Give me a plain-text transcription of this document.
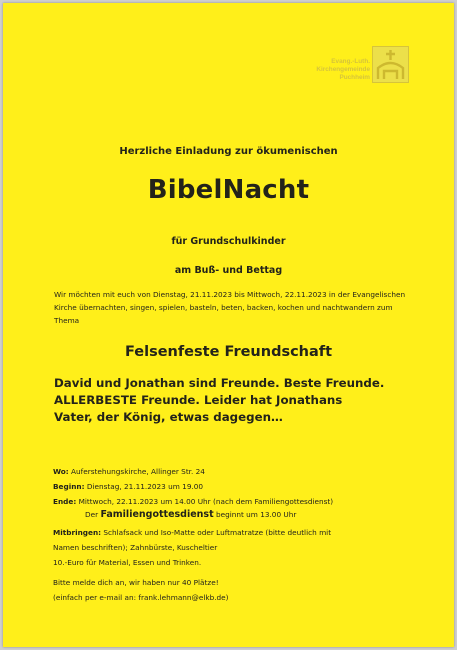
Evang.-Luth.
Kirchengemeinde
Puchheim
Herzliche Einladung zur ökumenischen
BibelNacht
für Grundschulkinder
am Buß- und Bettag
Wir möchten mit euch von Dienstag, 21.11.2023 bis Mittwoch, 22.11.2023 in der Evangelischen Kirche übernachten, singen, spielen, basteln, beten, backen, kochen und nachtwandern zum Thema
Felsenfeste Freundschaft
David und Jonathan sind Freunde. Beste Freunde.
ALLERBESTE Freunde. Leider hat Jonathans
Vater, der König, etwas dagegen…
Wo: Auferstehungskirche, Allinger Str. 24
Beginn: Dienstag, 21.11.2023 um 19.00
Ende: Mittwoch, 22.11.2023 um 14.00 Uhr (nach dem Familiengottesdienst)
Der Familiengottesdienst beginnt um 13.00 Uhr
Mitbringen: Schlafsack und Iso-Matte oder Luftmatratze (bitte deutlich mit
Namen beschriften); Zahnbürste, Kuscheltier
10.-Euro für Material, Essen und Trinken.
Bitte melde dich an, wir haben nur 40 Plätze!
(einfach per e-mail an: frank.lehmann@elkb.de)
